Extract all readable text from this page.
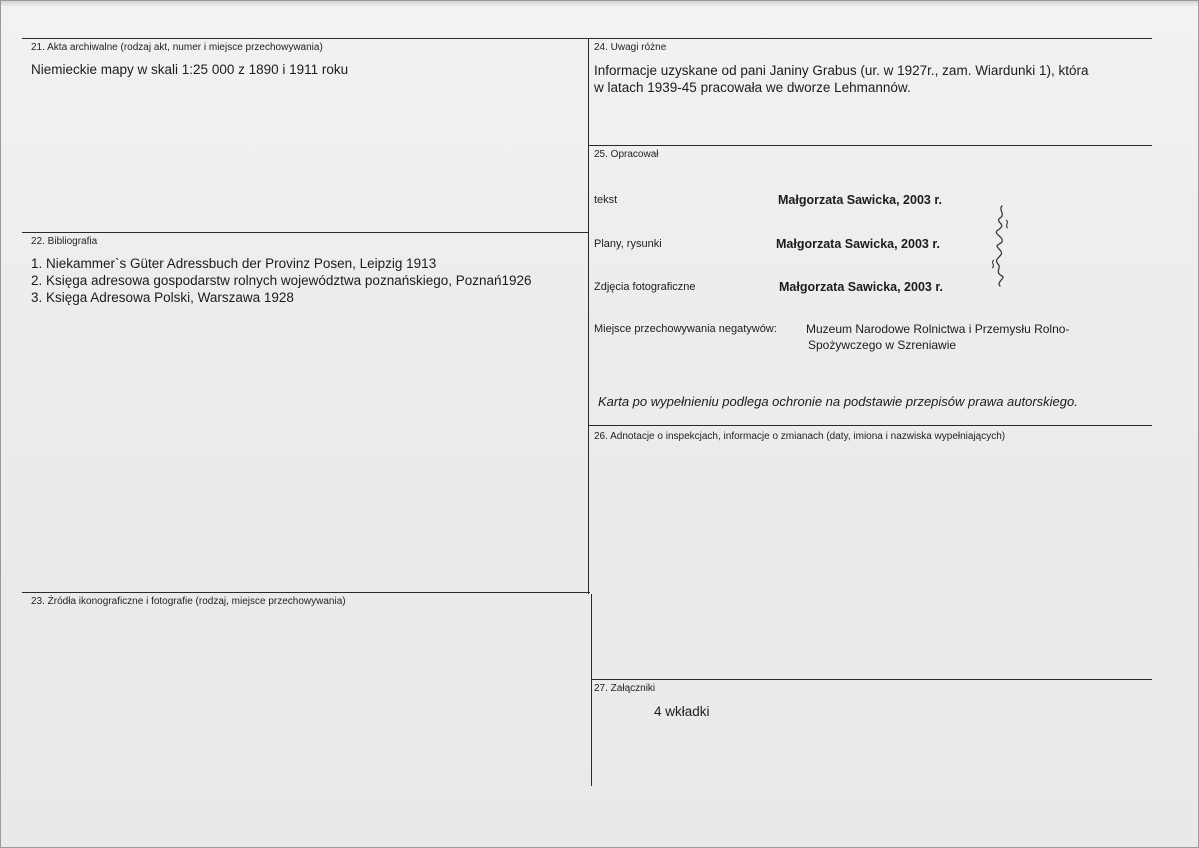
21. Akta archiwalne (rodzaj akt, numer i miejsce przechowywania)
Niemieckie mapy w skali 1:25 000 z 1890 i 1911 roku
22. Bibliografia
1. Niekammer`s Güter Adressbuch der Provinz Posen, Leipzig 1913
2. Księga adresowa gospodarstw rolnych województwa poznańskiego, Poznań1926
3. Księga Adresowa Polski, Warszawa 1928
23. Źródła ikonograficzne i fotografie (rodzaj, miejsce przechowywania)
24. Uwagi różne
Informacje uzyskane od pani Janiny Grabus (ur. w 1927r., zam. Wiardunki 1), która
w latach 1939-45 pracowała we dworze Lehmannów.
25. Opracował
tekst	Małgorzata Sawicka, 2003 r.
Plany, rysunki	Małgorzata Sawicka, 2003 r.
Zdjęcia fotograficzne	Małgorzata Sawicka, 2003 r.
Miejsce przechowywania negatywów: Muzeum Narodowe Rolnictwa i Przemysłu Rolno-
Spożywczego w Szreniawie
Karta po wypełnieniu podlega ochronie na podstawie przepisów prawa autorskiego.
26. Adnotacje o inspekcjach, informacje o zmianach (daty, imiona i nazwiska wypełniających)
27. Załączniki
4 wkładki
